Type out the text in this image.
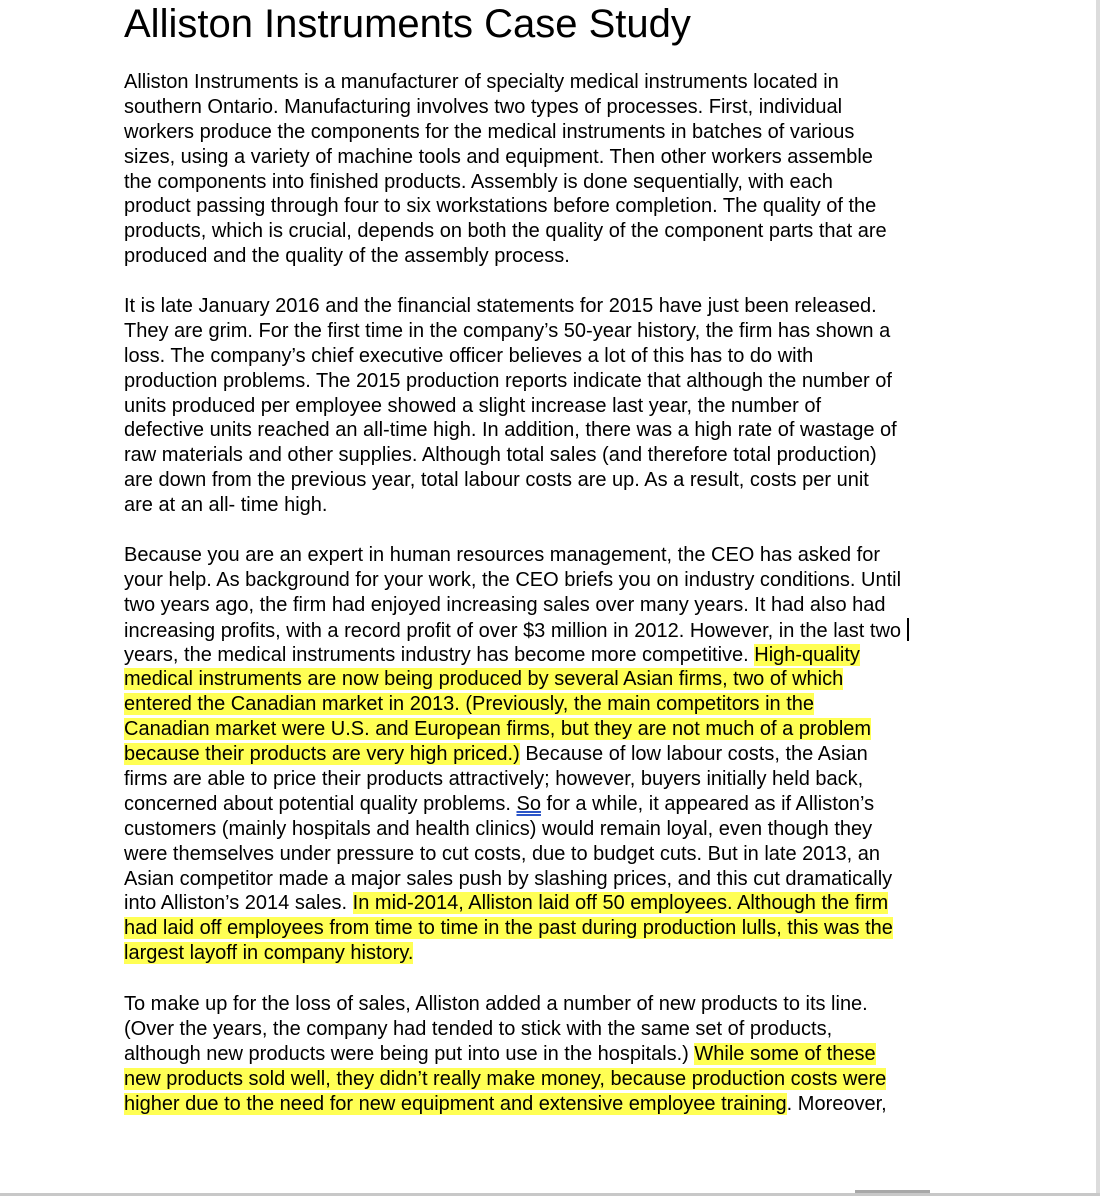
Alliston Instruments Case Study
Alliston Instruments is a manufacturer of specialty medical instruments located in
southern Ontario. Manufacturing involves two types of processes. First, individual
workers produce the components for the medical instruments in batches of various
sizes, using a variety of machine tools and equipment. Then other workers assemble
the components into finished products. Assembly is done sequentially, with each
product passing through four to six workstations before completion. The quality of the
products, which is crucial, depends on both the quality of the component parts that are
produced and the quality of the assembly process.
It is late January 2016 and the financial statements for 2015 have just been released.
They are grim. For the first time in the company’s 50-year history, the firm has shown a
loss. The company’s chief executive officer believes a lot of this has to do with
production problems. The 2015 production reports indicate that although the number of
units produced per employee showed a slight increase last year, the number of
defective units reached an all-time high. In addition, there was a high rate of wastage of
raw materials and other supplies. Although total sales (and therefore total production)
are down from the previous year, total labour costs are up. As a result, costs per unit
are at an all- time high.
Because you are an expert in human resources management, the CEO has asked for
your help. As background for your work, the CEO briefs you on industry conditions. Until
two years ago, the firm had enjoyed increasing sales over many years. It had also had
increasing profits, with a record profit of over $3 million in 2012. However, in the last two
years, the medical instruments industry has become more competitive. High-quality
medical instruments are now being produced by several Asian firms, two of which
entered the Canadian market in 2013. (Previously, the main competitors in the
Canadian market were U.S. and European firms, but they are not much of a problem
because their products are very high priced.) Because of low labour costs, the Asian
firms are able to price their products attractively; however, buyers initially held back,
concerned about potential quality problems. So for a while, it appeared as if Alliston’s
customers (mainly hospitals and health clinics) would remain loyal, even though they
were themselves under pressure to cut costs, due to budget cuts. But in late 2013, an
Asian competitor made a major sales push by slashing prices, and this cut dramatically
into Alliston’s 2014 sales. In mid-2014, Alliston laid off 50 employees. Although the firm
had laid off employees from time to time in the past during production lulls, this was the
largest layoff in company history.
To make up for the loss of sales, Alliston added a number of new products to its line.
(Over the years, the company had tended to stick with the same set of products,
although new products were being put into use in the hospitals.) While some of these
new products sold well, they didn’t really make money, because production costs were
higher due to the need for new equipment and extensive employee training. Moreover,
